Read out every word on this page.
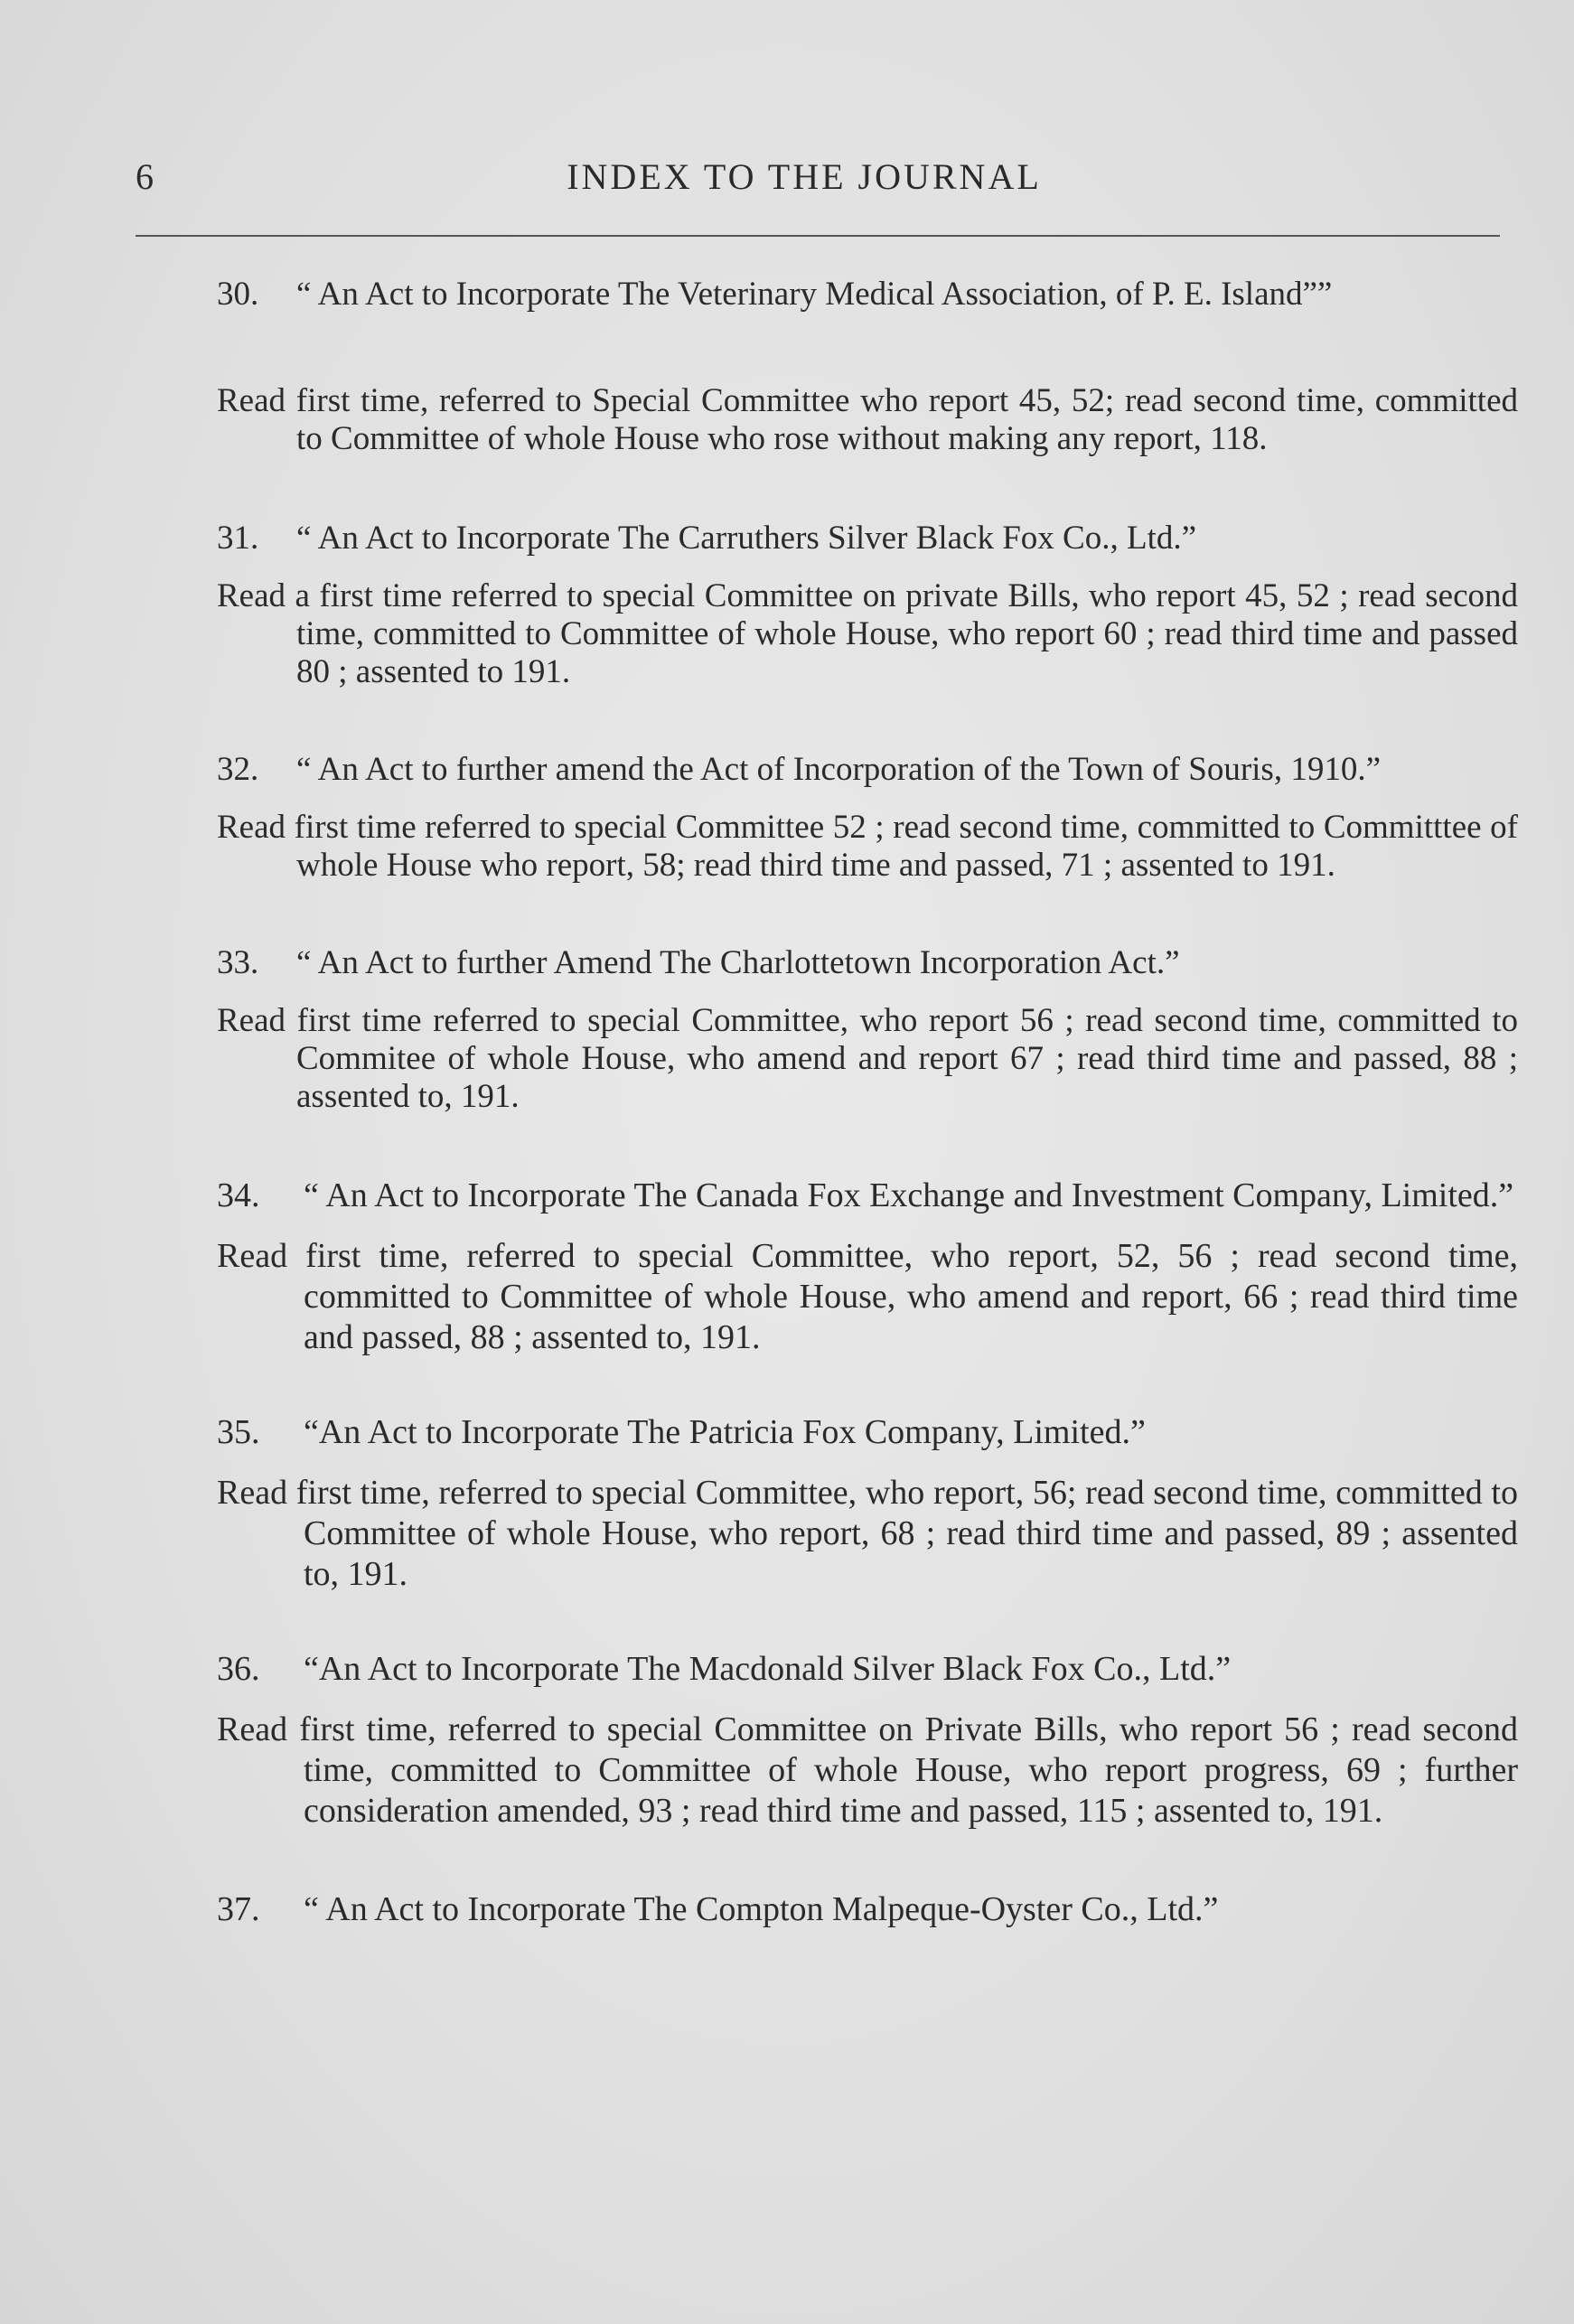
6	INDEX TO THE JOURNAL
30. “ An Act to Incorporate The Veterinary Medical Association, of P. E. Island””
Read first time, referred to Special Committee who report 45, 52; read second time, committed to Committee of whole House who rose without making any report, 118.
31. “ An Act to Incorporate The Carruthers Silver Black Fox Co., Ltd.”
Read a first time referred to special Committee on private Bills, who report 45, 52 ; read second time, committed to Committee of whole House, who report 60 ; read third time and passed 80 ; assented to 191.
32. “ An Act to further amend the Act of Incorporation of the Town of Souris, 1910.”
Read first time referred to special Committee 52 ; read second time, committed to Committtee of whole House who report, 58; read third time and passed, 71 ; assented to 191.
33. “ An Act to further Amend The Charlottetown Incorporation Act.”
Read first time referred to special Committee, who report 56 ; read second time, committed to Commitee of whole House, who amend and report 67 ; read third time and passed, 88 ; assented to, 191.
34. “ An Act to Incorporate The Canada Fox Exchange and Investment Company, Limited.”
Read first time, referred to special Committee, who report, 52, 56 ; read second time, committed to Committee of whole House, who amend and report, 66 ; read third time and passed, 88 ; assented to, 191.
35. “An Act to Incorporate The Patricia Fox Company, Limited.”
Read first time, referred to special Committee, who report, 56; read second time, committed to Committee of whole House, who report, 68 ; read third time and passed, 89 ; assented to, 191.
36. “An Act to Incorporate The Macdonald Silver Black Fox Co., Ltd.”
Read first time, referred to special Committee on Private Bills, who report 56 ; read second time, committed to Committee of whole House, who report progress, 69 ; further consideration amended, 93 ; read third time and passed, 115 ; assented to, 191.
37. “ An Act to Incorporate The Compton Malpeque-Oyster Co., Ltd.”
